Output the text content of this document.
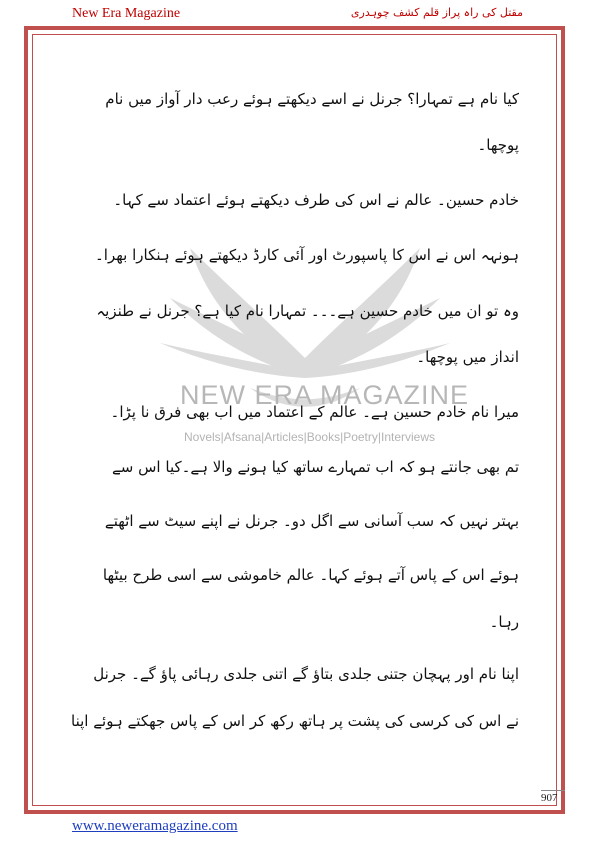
New Era Magazine	مقتل کی راہ پراز قلم کشف چوہدری
NEW ERA MAGAZINE
Novels|Afsana|Articles|Books|Poetry|Interviews
کیا نام ہے تمہارا؟ جرنل نے اسے دیکھتے ہوئے رعب دار آواز میں نام
پوچھا۔
خادم حسین۔ عالم نے اس کی طرف دیکھتے ہوئے اعتماد سے کہا۔
ہونہہ اس نے اس کا پاسپورٹ اور آئی کارڈ دیکھتے ہوئے ہنکارا بھرا۔
وہ تو ان میں خادم حسین ہے۔۔۔ تمہارا نام کیا ہے؟ جرنل نے طنزیہ
انداز میں پوچھا۔
میرا نام خادم حسین ہے۔ عالم کے اعتماد میں اب بھی فرق نا پڑا۔
تم بھی جانتے ہو کہ اب تمہارے ساتھ کیا ہونے والا ہے۔کیا اس سے
بہتر نہیں کہ سب آسانی سے اگل دو۔ جرنل نے اپنے سیٹ سے اٹھتے
ہوئے اس کے پاس آتے ہوئے کہا۔ عالم خاموشی سے اسی طرح بیٹھا
رہا۔
اپنا نام اور پہچان جتنی جلدی بتاؤ گے اتنی جلدی رہائی پاؤ گے۔ جرنل
نے اس کی کرسی کی پشت پر ہاتھ رکھ کر اس کے پاس جھکتے ہوئے اپنا
907
www.neweramagazine.com
